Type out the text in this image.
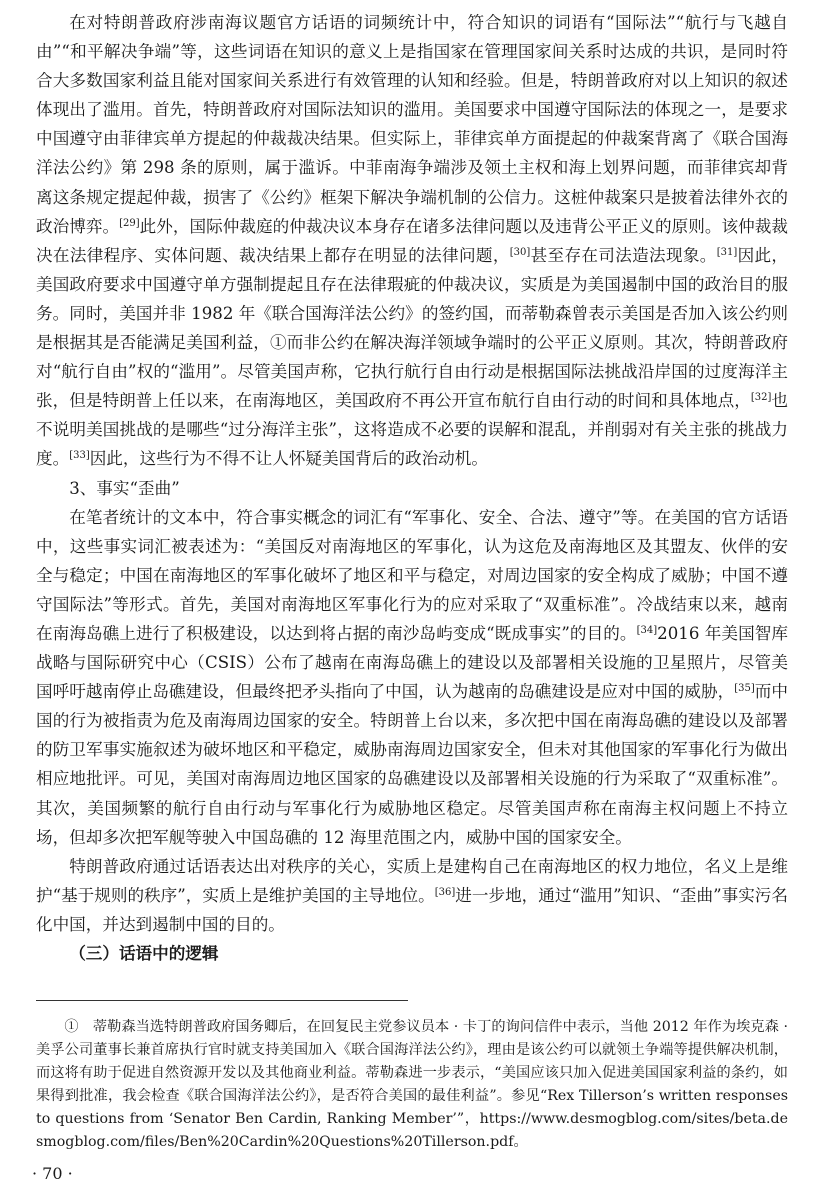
在对特朗普政府涉南海议题官方话语的词频统计中，符合知识的词语有“国际法”“航行与飞越自由”“和平解决争端”等，这些词语在知识的意义上是指国家在管理国家间关系时达成的共识，是同时符合大多数国家利益且能对国家间关系进行有效管理的认知和经验。但是，特朗普政府对以上知识的叙述体现出了滥用。首先，特朗普政府对国际法知识的滥用。美国要求中国遵守国际法的体现之一，是要求中国遵守由菲律宾单方提起的仲裁裁决结果。但实际上，菲律宾单方面提起的仲裁案背离了《联合国海洋法公约》第 298 条的原则，属于滥诉。中菲南海争端涉及领土主权和海上划界问题，而菲律宾却背离这条规定提起仲裁，损害了《公约》框架下解决争端机制的公信力。这桩仲裁案只是披着法律外衣的政治博弈。[29]此外，国际仲裁庭的仲裁决议本身存在诸多法律问题以及违背公平正义的原则。该仲裁裁决在法律程序、实体问题、裁决结果上都存在明显的法律问题，[30]甚至存在司法造法现象。[31]因此，美国政府要求中国遵守单方强制提起且存在法律瑕疵的仲裁决议，实质是为美国遏制中国的政治目的服务。同时，美国并非 1982 年《联合国海洋法公约》的签约国，而蒂勒森曾表示美国是否加入该公约则是根据其是否能满足美国利益，①而非公约在解决海洋领域争端时的公平正义原则。其次，特朗普政府对“航行自由”权的“滥用”。尽管美国声称，它执行航行自由行动是根据国际法挑战沿岸国的过度海洋主张，但是特朗普上任以来，在南海地区，美国政府不再公开宣布航行自由行动的时间和具体地点，[32]也不说明美国挑战的是哪些“过分海洋主张”，这将造成不必要的误解和混乱，并削弱对有关主张的挑战力度。[33]因此，这些行为不得不让人怀疑美国背后的政治动机。

3、事实“歪曲”

在笔者统计的文本中，符合事实概念的词汇有“军事化、安全、合法、遵守”等。在美国的官方话语中，这些事实词汇被表述为：“美国反对南海地区的军事化，认为这危及南海地区及其盟友、伙伴的安全与稳定；中国在南海地区的军事化破坏了地区和平与稳定，对周边国家的安全构成了威胁；中国不遵守国际法”等形式。首先，美国对南海地区军事化行为的应对采取了“双重标准”。冷战结束以来，越南在南海岛礁上进行了积极建设，以达到将占据的南沙岛屿变成“既成事实”的目的。[34]2016 年美国智库战略与国际研究中心（CSIS）公布了越南在南海岛礁上的建设以及部署相关设施的卫星照片，尽管美国呼吁越南停止岛礁建设，但最终把矛头指向了中国，认为越南的岛礁建设是应对中国的威胁，[35]而中国的行为被指责为危及南海周边国家的安全。特朗普上台以来，多次把中国在南海岛礁的建设以及部署的防卫军事实施叙述为破坏地区和平稳定，威胁南海周边国家安全，但未对其他国家的军事化行为做出相应地批评。可见，美国对南海周边地区国家的岛礁建设以及部署相关设施的行为采取了“双重标准”。其次，美国频繁的航行自由行动与军事化行为威胁地区稳定。尽管美国声称在南海主权问题上不持立场，但却多次把军舰等驶入中国岛礁的 12 海里范围之内，威胁中国的国家安全。

特朗普政府通过话语表达出对秩序的关心，实质上是建构自己在南海地区的权力地位，名义上是维护“基于规则的秩序”，实质上是维护美国的主导地位。[36]进一步地，通过“滥用”知识、“歪曲”事实污名化中国，并达到遏制中国的目的。

（三）话语中的逻辑

①　蒂勒森当选特朗普政府国务卿后，在回复民主党参议员本 · 卡丁的询问信件中表示，当他 2012 年作为埃克森 · 美孚公司董事长兼首席执行官时就支持美国加入《联合国海洋法公约》，理由是该公约可以就领土争端等提供解决机制，而这将有助于促进自然资源开发以及其他商业利益。蒂勒森进一步表示，“美国应该只加入促进美国国家利益的条约，如果得到批准，我会检查《联合国海洋法公约》，是否符合美国的最佳利益”。参见“Rex Tillerson’s written responses to questions from ‘Senator Ben Cardin, Ranking Member’”，https://www.desmogblog.com/sites/beta.desmogblog.com/files/Ben%20Cardin%20Questions%20Tillerson.pdf。

· 70 ·
